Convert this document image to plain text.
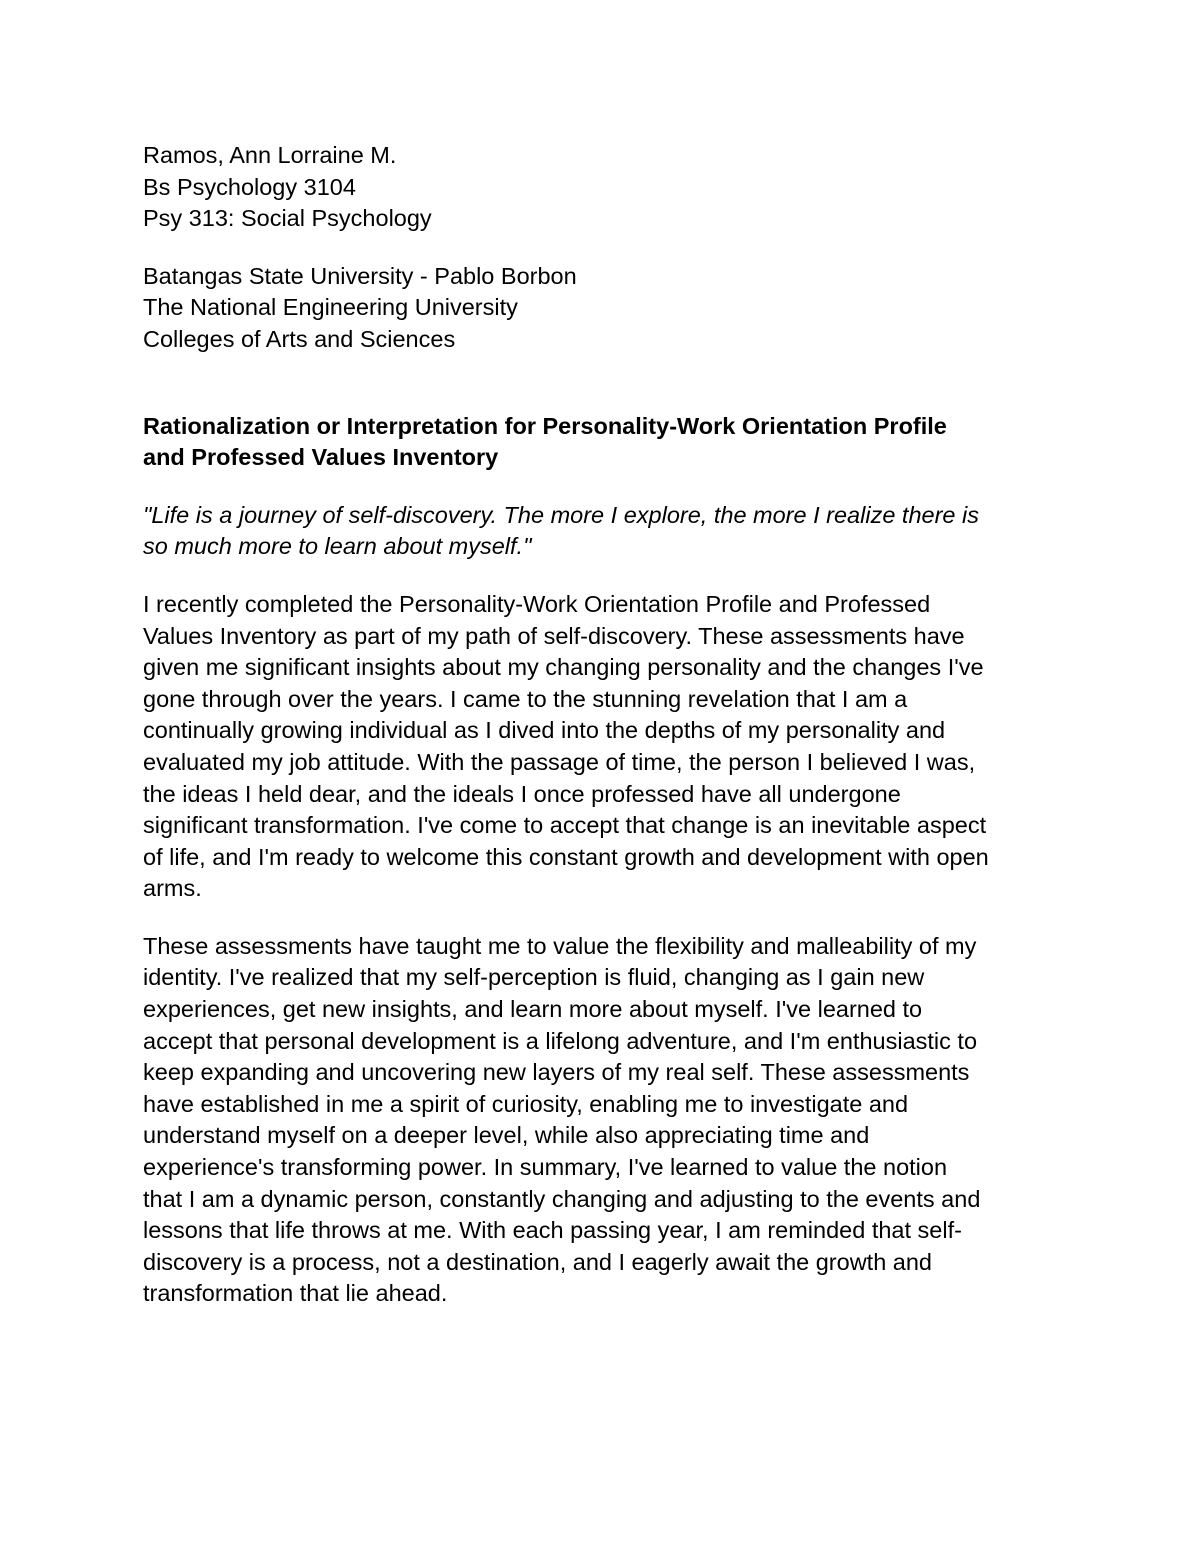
Ramos, Ann Lorraine M.

Bs Psychology 3104

Psy 313: Social Psychology

Batangas State University - Pablo Borbon

The National Engineering University

Colleges of Arts and Sciences

Rationalization or Interpretation for Personality-Work Orientation Profile
and Professed Values Inventory

"Life is a journey of self-discovery. The more I explore, the more I realize there is
so much more to learn about myself."

I recently completed the Personality-Work Orientation Profile and Professed
Values Inventory as part of my path of self-discovery. These assessments have
given me significant insights about my changing personality and the changes I've
gone through over the years. I came to the stunning revelation that I am a
continually growing individual as I dived into the depths of my personality and
evaluated my job attitude. With the passage of time, the person I believed I was,
the ideas I held dear, and the ideals I once professed have all undergone
significant transformation. I've come to accept that change is an inevitable aspect
of life, and I'm ready to welcome this constant growth and development with open
arms.

These assessments have taught me to value the flexibility and malleability of my
identity. I've realized that my self-perception is fluid, changing as I gain new
experiences, get new insights, and learn more about myself. I've learned to
accept that personal development is a lifelong adventure, and I'm enthusiastic to
keep expanding and uncovering new layers of my real self. These assessments
have established in me a spirit of curiosity, enabling me to investigate and
understand myself on a deeper level, while also appreciating time and
experience's transforming power. In summary, I've learned to value the notion
that I am a dynamic person, constantly changing and adjusting to the events and
lessons that life throws at me. With each passing year, I am reminded that self-
discovery is a process, not a destination, and I eagerly await the growth and
transformation that lie ahead.
